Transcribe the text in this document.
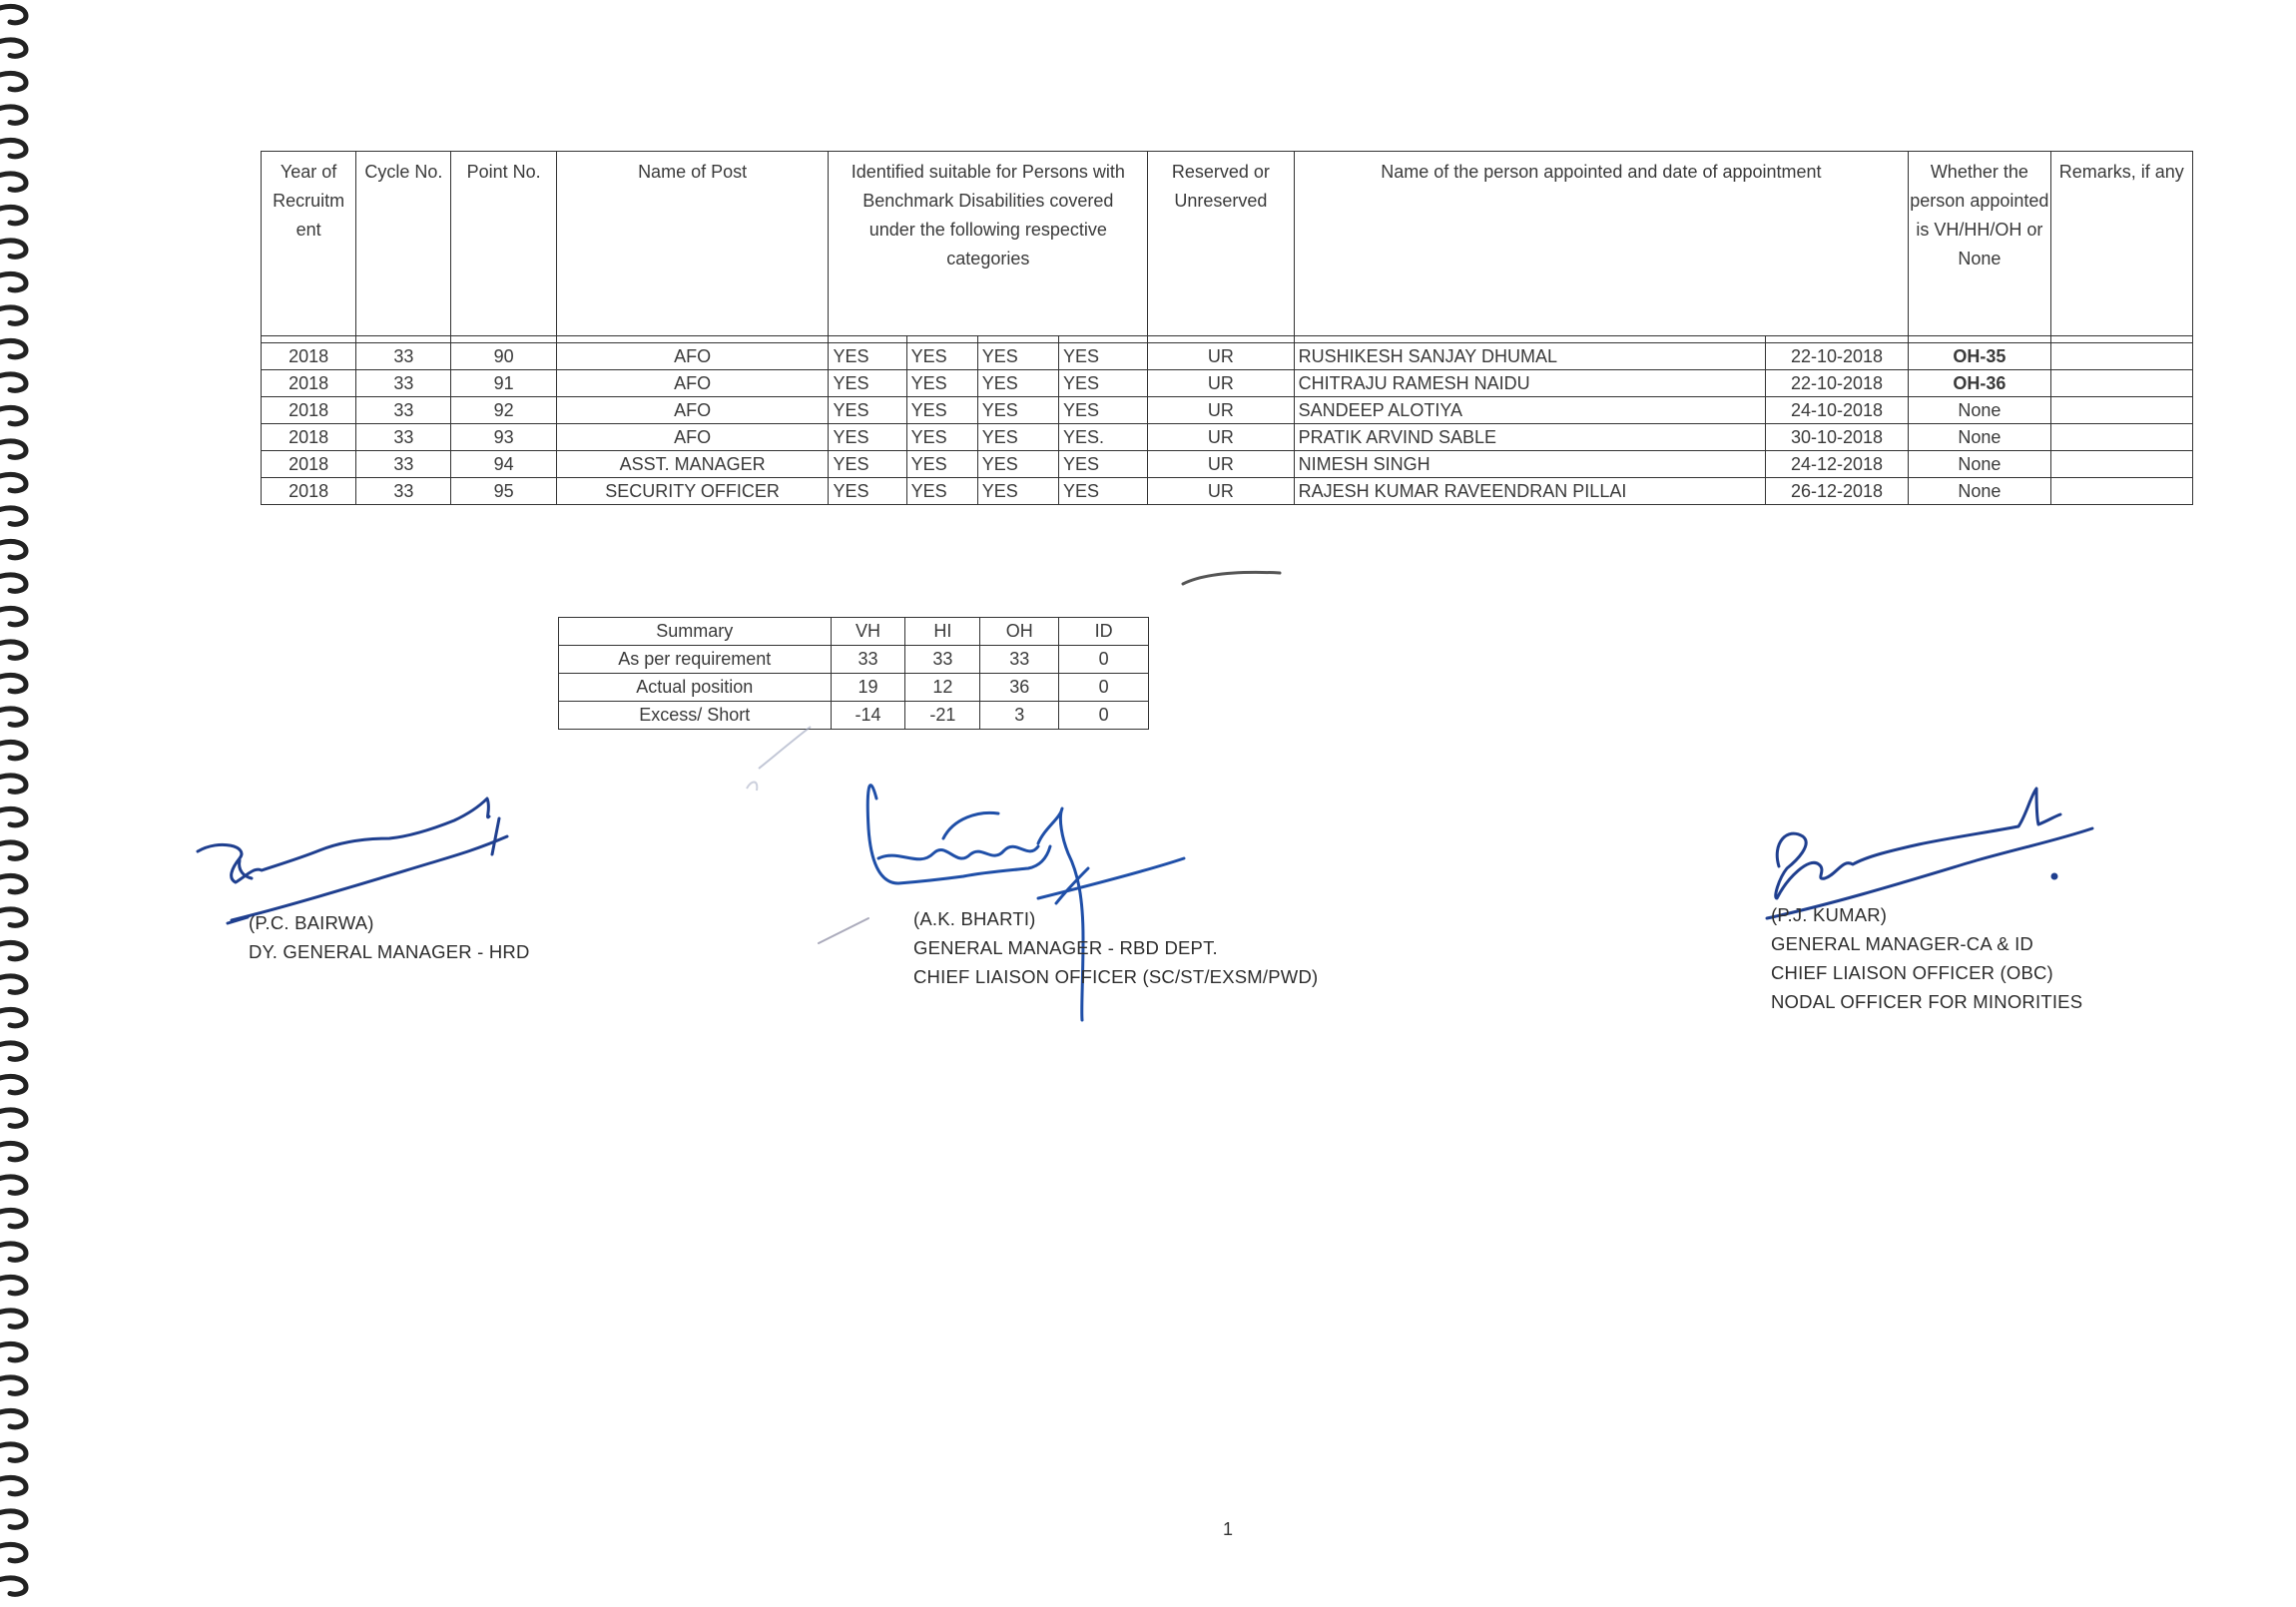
Year of Recruitm ent	Cycle No.	Point No.	Name of Post	Identified suitable for Persons with Benchmark Disabilities covered under the following respective categories				Reserved or Unreserved	Name of the person appointed and date of appointment		Whether the person appointed is VH/HH/OH or None	Remarks, if any

2018	33	90	AFO	YES	YES	YES	YES	UR	RUSHIKESH SANJAY DHUMAL	22-10-2018	OH-35	
2018	33	91	AFO	YES	YES	YES	YES	UR	CHITRAJU RAMESH NAIDU	22-10-2018	OH-36	
2018	33	92	AFO	YES	YES	YES	YES	UR	SANDEEP ALOTIYA	24-10-2018	None	
2018	33	93	AFO	YES	YES	YES	YES.	UR	PRATIK ARVIND SABLE	30-10-2018	None	
2018	33	94	ASST. MANAGER	YES	YES	YES	YES	UR	NIMESH SINGH	24-12-2018	None	
2018	33	95	SECURITY OFFICER	YES	YES	YES	YES	UR	RAJESH KUMAR RAVEENDRAN PILLAI	26-12-2018	None	
Summary	VH	HI	OH	ID
As per requirement	33	33	33	0
Actual position	19	12	36	0
Excess/ Short	-14	-21	3	0
(P.C. BAIRWA)
DY. GENERAL MANAGER - HRD
(A.K. BHARTI)
GENERAL MANAGER - RBD DEPT.
CHIEF LIAISON OFFICER (SC/ST/EXSM/PWD)
(P.J. KUMAR)
GENERAL MANAGER-CA & ID
CHIEF LIAISON OFFICER (OBC)
NODAL OFFICER FOR MINORITIES
1
